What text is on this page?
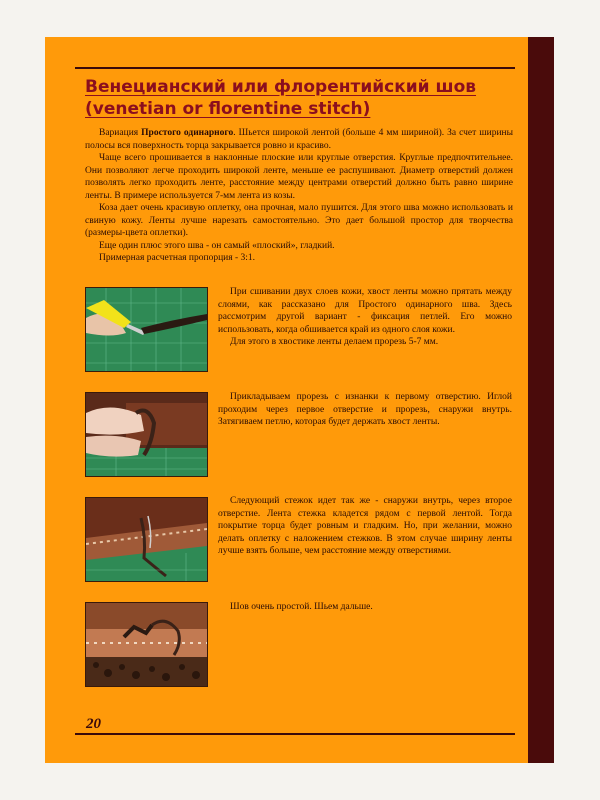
Венецианский или флорентийский шов (venetian or florentine stitch)

Вариация Простого одинарного. Шьется широкой лентой (больше 4 мм шириной). За счет ширины полосы вся поверхность торца закрывается ровно и красиво.

Чаще всего прошивается в наклонные плоские или круглые отверстия. Круглые предпочтительнее. Они позволяют легче проходить широкой ленте, меньше ее распушивают. Диаметр отверстий должен позволять легко проходить ленте, расстояние между центрами отверстий должно быть равно ширине ленты. В примере используется 7-мм лента из козы.

Коза дает очень красивую оплетку, она прочная, мало пушится. Для этого шва можно использовать и свиную кожу. Ленты лучше нарезать самостоятельно. Это дает большой простор для творчества (размеры-цвета оплетки).

Еще один плюс этого шва - он самый «плоский», гладкий.

Примерная расчетная пропорция - 3:1.

При сшивании двух слоев кожи, хвост ленты можно прятать между слоями, как рассказано для Простого одинарного шва. Здесь рассмотрим другой вариант - фиксация петлей. Его можно использовать, когда обшивается край из одного слоя кожи.

Для этого в хвостике ленты делаем прорезь 5-7 мм.

Прикладываем прорезь с изнанки к первому отверстию. Иглой проходим через первое отверстие и прорезь, снаружи внутрь. Затягиваем петлю, которая будет держать хвост ленты.

Следующий стежок идет так же - снаружи внутрь, через второе отверстие. Лента стежка кладется рядом с первой лентой. Тогда покрытие торца будет ровным и гладким. Но, при желании, можно делать оплетку с наложением стежков. В этом случае ширину ленты лучше взять больше, чем расстояние между отверстиями.

Шов очень простой. Шьем дальше.

20
